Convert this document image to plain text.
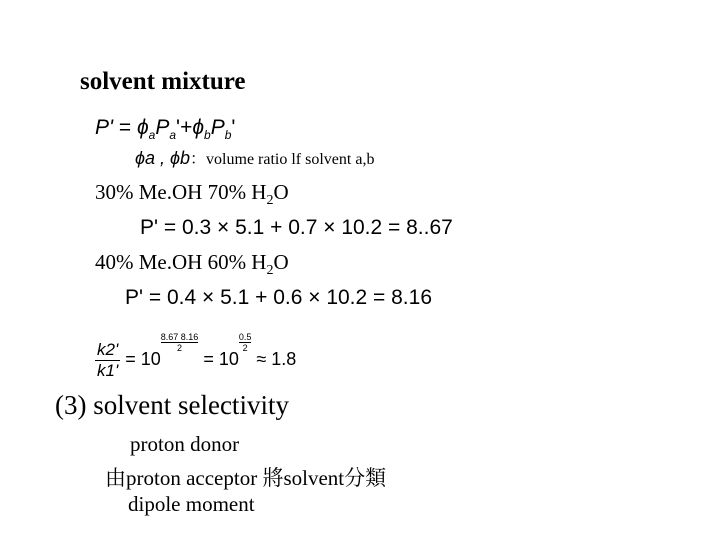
solvent mixture
$P' = \phi_aP_a'+\phi_bP_b'$
ϕa , ϕb：volume ratio lf solvent a,b
30% Me.OH 70% $H_2O$
P' = 0.3 × 5.1 + 0.7 × 10.2 = 8..67
40% Me.OH 60% $H_2O$
P' = 0.4 × 5.1 + 0.6 × 10.2 = 8.16
$\frac{k2'}{k1'} = 10$
$\frac{8.67 8.16}{2} = 10$
$\frac{0.5}{2} \approx 1.8$
(3) solvent selectivity
proton donor
由proton acceptor 將solvent分類
dipole moment
